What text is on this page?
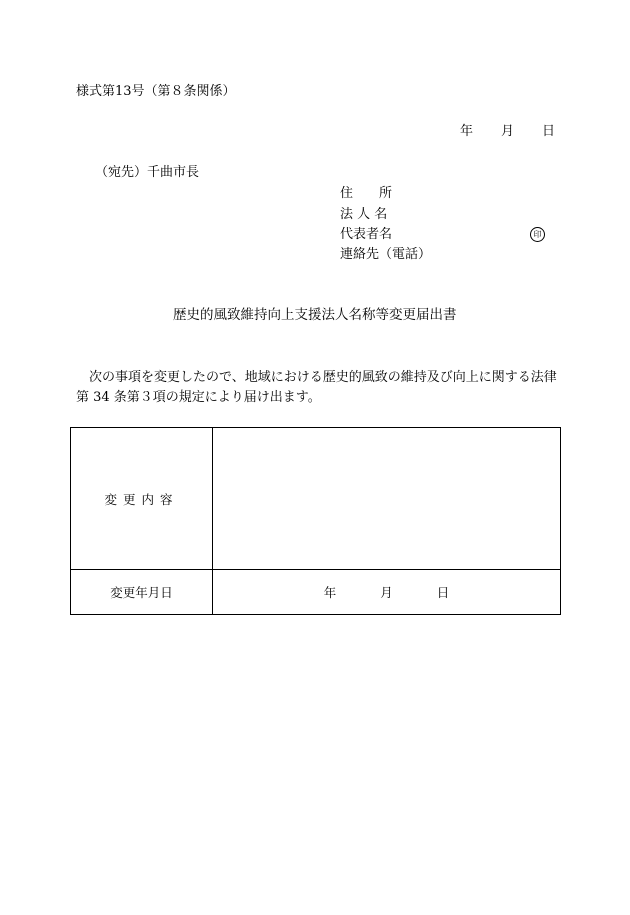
様式第13号（第８条関係）
年 月 日
（宛先）千曲市長
住　　所
法 人 名
代表者名	印
連絡先（電話）
歴史的風致維持向上支援法人名称等変更届出書
次の事項を変更したので、地域における歴史的風致の維持及び向上に関する法律第 34 条第３項の規定により届け出ます。
変更内容	
変更年月日	年 月 日
